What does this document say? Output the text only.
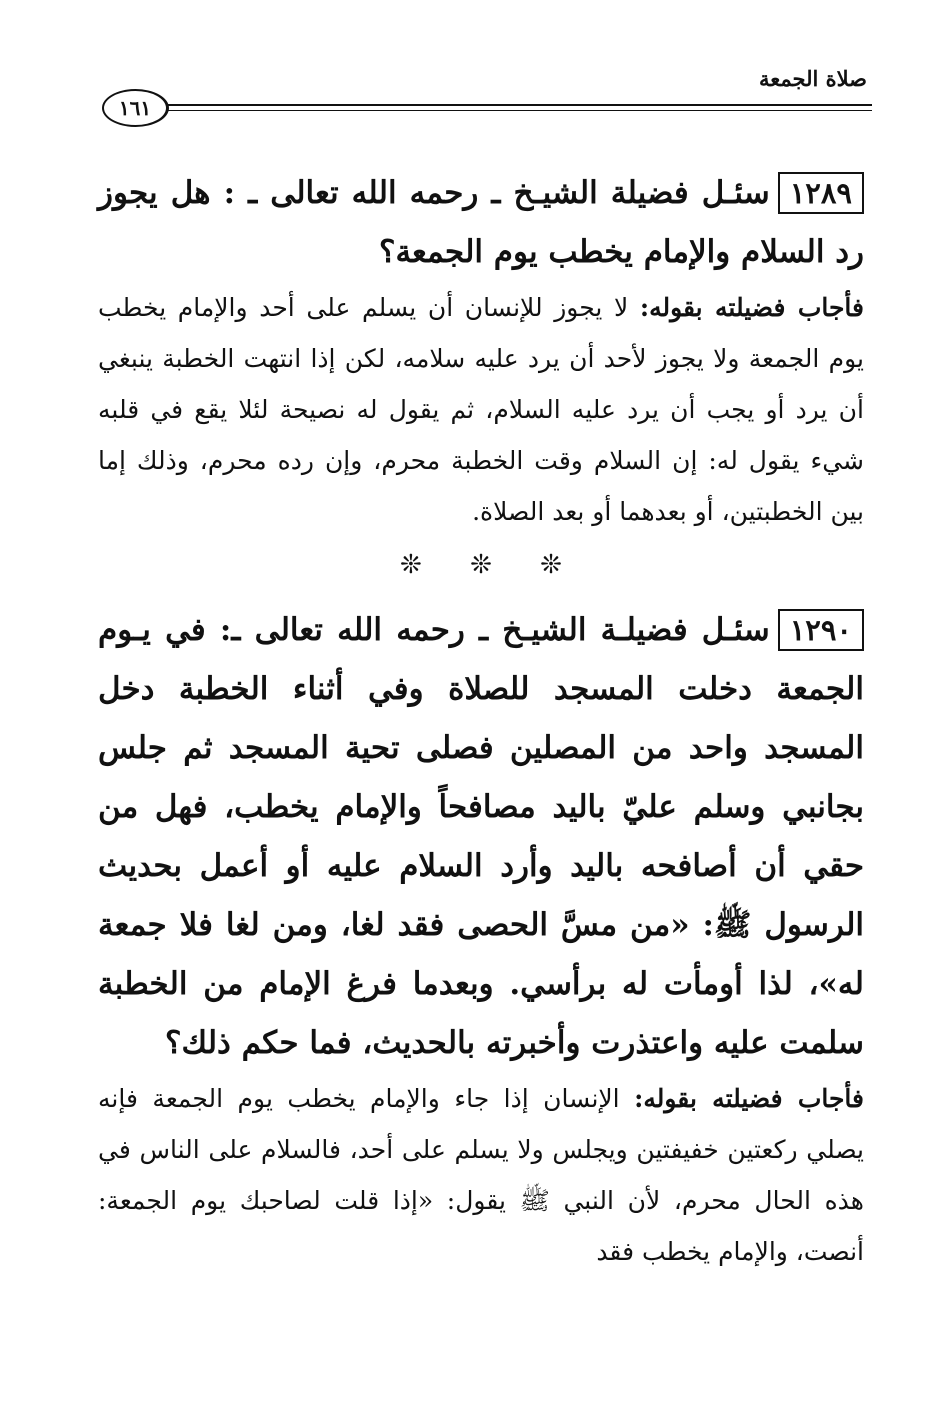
صلاة الجمعة
١٦١

١٢٨٩سئـل فضيلة الشيـخ ـ رحمه الله تعالى ـ : هل يجوز رد السلام والإمام يخطب يوم الجمعة؟

فأجاب فضيلته بقوله: لا يجوز للإنسان أن يسلم على أحد والإمام يخطب يوم الجمعة ولا يجوز لأحد أن يرد عليه سلامه، لكن إذا انتهت الخطبة ينبغي أن يرد أو يجب أن يرد عليه السلام، ثم يقول له نصيحة لئلا يقع في قلبه شيء يقول له: إن السلام وقت الخطبة محرم، وإن رده محرم، وذلك إما بين الخطبتين، أو بعدهما أو بعد الصلاة.

❊ ❊ ❊

١٢٩٠سئـل فضيلـة الشيـخ ـ رحمه الله تعالى ـ: في يـوم الجمعة دخلت المسجد للصلاة وفي أثناء الخطبة دخل المسجد واحد من المصلين فصلى تحية المسجد ثم جلس بجانبي وسلم عليّ باليد مصافحاً والإمام يخطب، فهل من حقي أن أصافحه باليد وأرد السلام عليه أو أعمل بحديث الرسول ﷺ: «من مسَّ الحصى فقد لغا، ومن لغا فلا جمعة له»، لذا أومأت له برأسي. وبعدما فرغ الإمام من الخطبة سلمت عليه واعتذرت وأخبرته بالحديث، فما حكم ذلك؟

فأجاب فضيلته بقوله: الإنسان إذا جاء والإمام يخطب يوم الجمعة فإنه يصلي ركعتين خفيفتين ويجلس ولا يسلم على أحد، فالسلام على الناس في هذه الحال محرم، لأن النبي ﷺ يقول: «إذا قلت لصاحبك يوم الجمعة: أنصت، والإمام يخطب فقد
